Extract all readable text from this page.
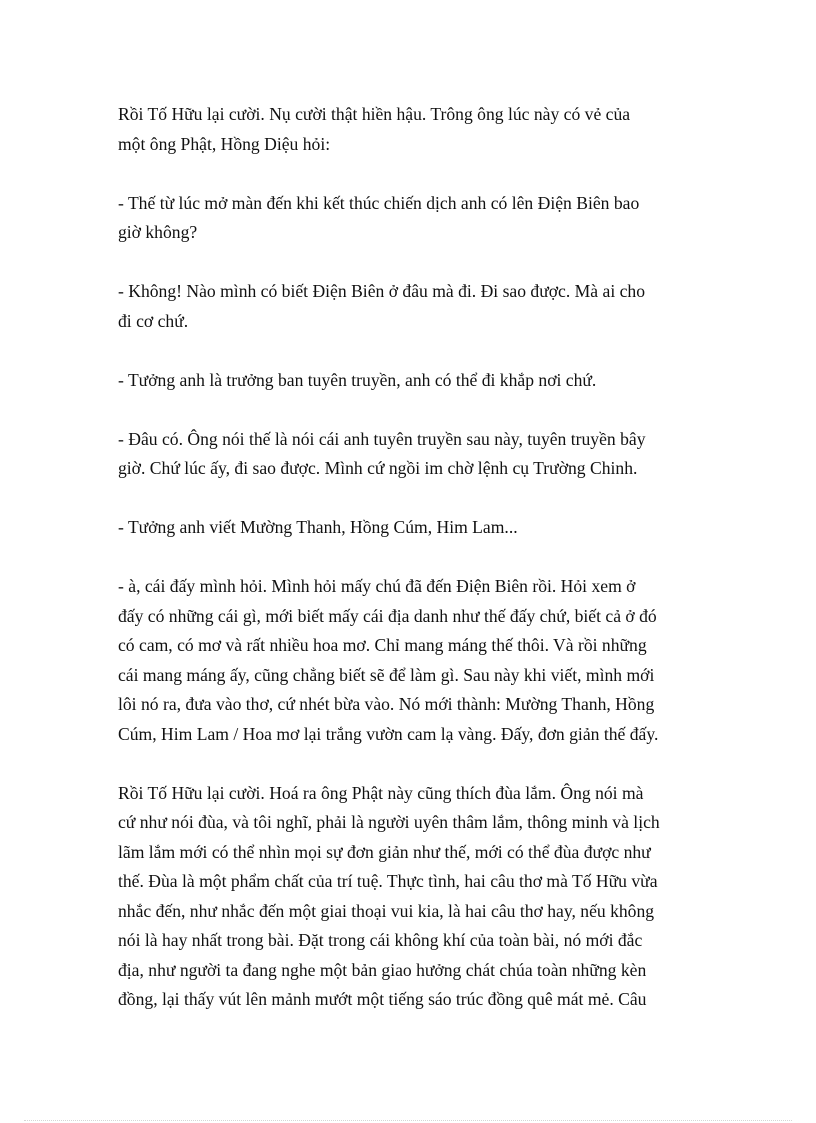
Rồi Tố Hữu lại cười. Nụ cười thật hiền hậu. Trông ông lúc này có vẻ của
một ông Phật, Hồng Diệu hỏi:

- Thế từ lúc mở màn đến khi kết thúc chiến dịch anh có lên Điện Biên bao
giờ không?

- Không! Nào mình có biết Điện Biên ở đâu mà đi. Đi sao được. Mà ai cho
đi cơ chứ.

- Tưởng anh là trưởng ban tuyên truyền, anh có thể đi khắp nơi chứ.

- Đâu có. Ông nói thế là nói cái anh tuyên truyền sau này, tuyên truyền bây
giờ. Chứ lúc ấy, đi sao được. Mình cứ ngồi im chờ lệnh cụ Trường Chinh.

- Tưởng anh viết Mường Thanh, Hồng Cúm, Him Lam...

- à, cái đấy mình hỏi. Mình hỏi mấy chú đã đến Điện Biên rồi. Hỏi xem ở
đấy có những cái gì, mới biết mấy cái địa danh như thế đấy chứ, biết cả ở đó
có cam, có mơ và rất nhiều hoa mơ. Chỉ mang máng thế thôi. Và rồi những
cái mang máng ấy, cũng chẳng biết sẽ để làm gì. Sau này khi viết, mình mới
lôi nó ra, đưa vào thơ, cứ nhét bừa vào. Nó mới thành: Mường Thanh, Hồng
Cúm, Him Lam / Hoa mơ lại trắng vườn cam lạ vàng. Đấy, đơn giản thế đấy.

Rồi Tố Hữu lại cười. Hoá ra ông Phật này cũng thích đùa lắm. Ông nói mà
cứ như nói đùa, và tôi nghĩ, phải là người uyên thâm lắm, thông minh và lịch
lãm lắm mới có thể nhìn mọi sự đơn giản như thế, mới có thể đùa được như
thế. Đùa là một phẩm chất của trí tuệ. Thực tình, hai câu thơ mà Tố Hữu vừa
nhắc đến, như nhắc đến một giai thoại vui kia, là hai câu thơ hay, nếu không
nói là hay nhất trong bài. Đặt trong cái không khí của toàn bài, nó mới đắc
địa, như người ta đang nghe một bản giao hưởng chát chúa toàn những kèn
đồng, lại thấy vút lên mảnh mướt một tiếng sáo trúc đồng quê mát mẻ. Câu
